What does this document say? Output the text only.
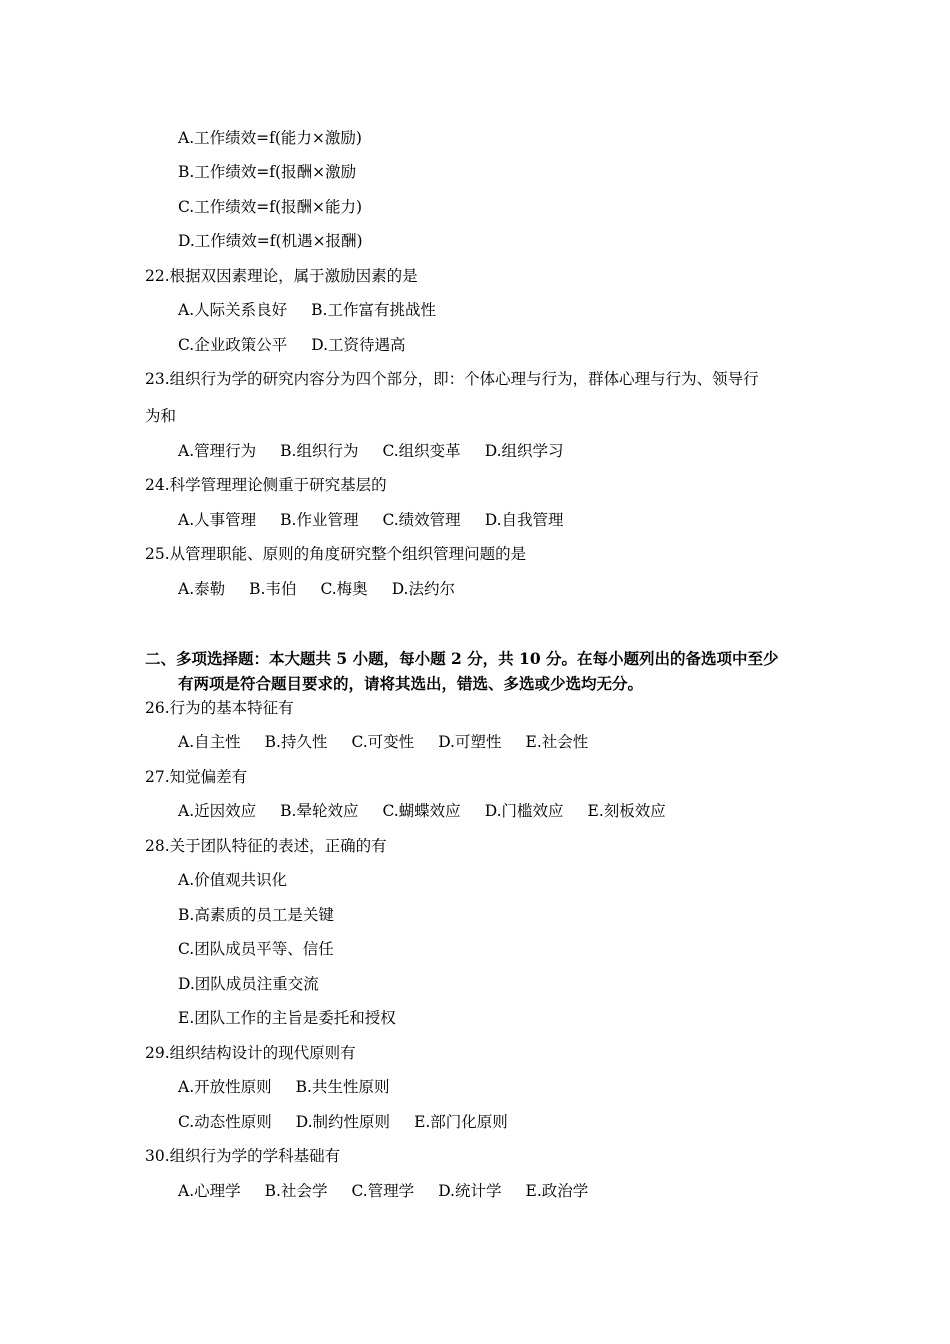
A.工作绩效=f(能力×激励)
B.工作绩效=f(报酬×激励
C.工作绩效=f(报酬×能力)
D.工作绩效=f(机遇×报酬)
22.根据双因素理论，属于激励因素的是
A.人际关系良好 B.工作富有挑战性
C.企业政策公平 D.工资待遇高
23.组织行为学的研究内容分为四个部分，即：个体心理与行为，群体心理与行为、领导行
为和
A.管理行为 B.组织行为 C.组织变革 D.组织学习
24.科学管理理论侧重于研究基层的
A.人事管理 B.作业管理 C.绩效管理 D.自我管理
25.从管理职能、原则的角度研究整个组织管理问题的是
A.泰勒 B.韦伯 C.梅奥 D.法约尔
二、多项选择题：本大题共 5 小题，每小题 2 分，共 10 分。在每小题列出的备选项中至少
有两项是符合题目要求的，请将其选出，错选、多选或少选均无分。
26.行为的基本特征有
A.自主性 B.持久性 C.可变性 D.可塑性 E.社会性
27.知觉偏差有
A.近因效应 B.晕轮效应 C.蝴蝶效应 D.门槛效应 E.刻板效应
28.关于团队特征的表述，正确的有
A.价值观共识化
B.高素质的员工是关键
C.团队成员平等、信任
D.团队成员注重交流
E.团队工作的主旨是委托和授权
29.组织结构设计的现代原则有
A.开放性原则 B.共生性原则
C.动态性原则 D.制约性原则 E.部门化原则
30.组织行为学的学科基础有
A.心理学 B.社会学 C.管理学 D.统计学 E.政治学
